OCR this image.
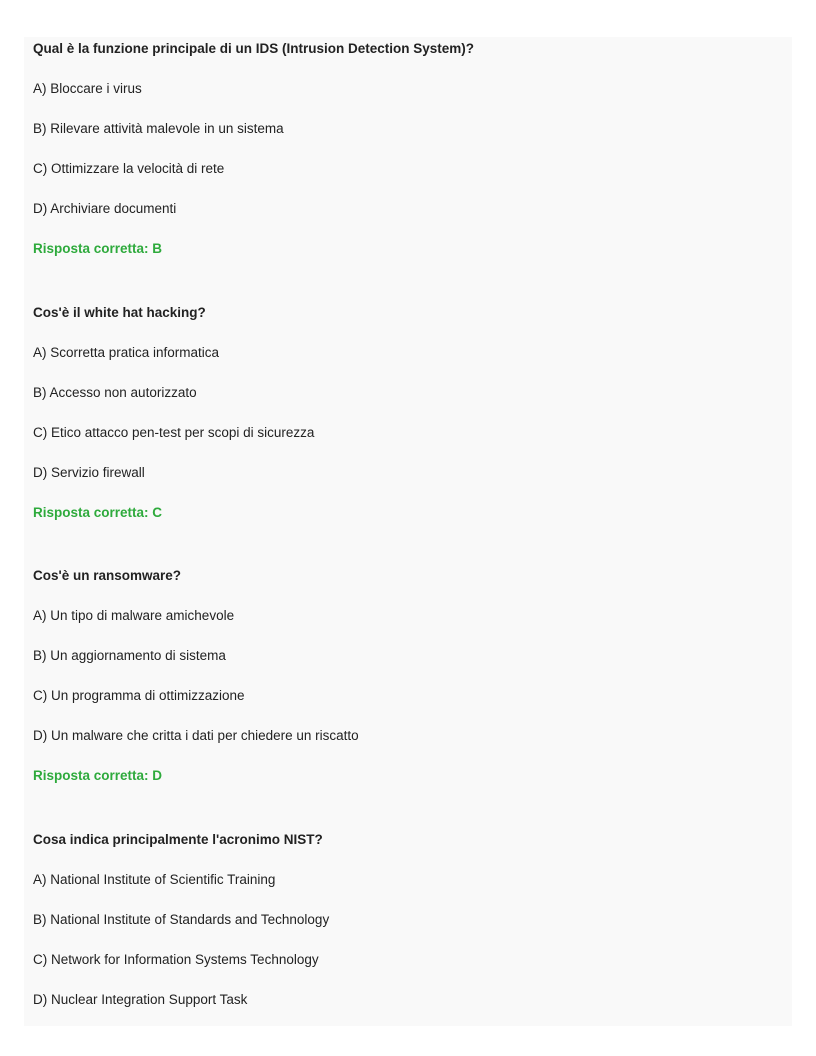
Qual è la funzione principale di un IDS (Intrusion Detection System)?
A) Bloccare i virus
B) Rilevare attività malevole in un sistema
C) Ottimizzare la velocità di rete
D) Archiviare documenti
Risposta corretta: B
Cos'è il white hat hacking?
A) Scorretta pratica informatica
B) Accesso non autorizzato
C) Etico attacco pen-test per scopi di sicurezza
D) Servizio firewall
Risposta corretta: C
Cos'è un ransomware?
A) Un tipo di malware amichevole
B) Un aggiornamento di sistema
C) Un programma di ottimizzazione
D) Un malware che critta i dati per chiedere un riscatto
Risposta corretta: D
Cosa indica principalmente l'acronimo NIST?
A) National Institute of Scientific Training
B) National Institute of Standards and Technology
C) Network for Information Systems Technology
D) Nuclear Integration Support Task
